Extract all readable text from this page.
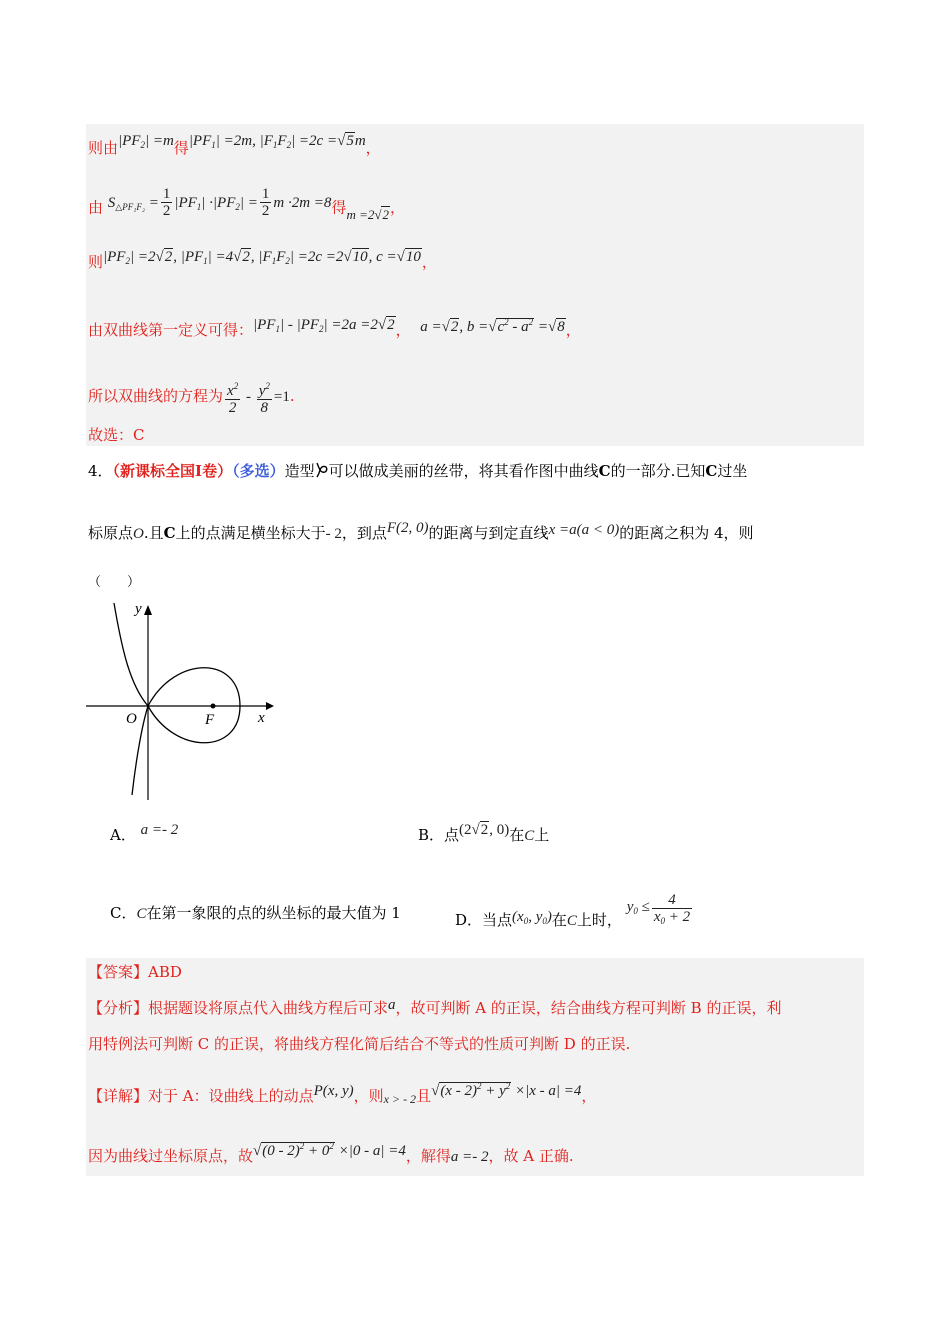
则由$|PF_2| =m$得$|PF_1| =2m$, $|F_1F_2| =2c =√5m$，
由 $S_{\triangle PF_1F_2} = \frac{1}{2} |PF_1| \cdot|PF_2| = \frac{1}{2}$ m ·2m =8得m =2√2，
则$|PF_2| =2√2$, $|PF_1| =4√2$, $|F_1F_2| =2c =2√10$, c =√10，
由双曲线第一定义可得：$|PF_1| - |PF_2| =2a =2√2$， a =√2, $b =√c^2 - a^2 =√8$，
所以双曲线的方程为 $\frac{x^2}{2} - \frac{y^2}{8} =1$.
故选：C
4．（新课标全国Ⅰ卷）（多选）造型 可以做成美丽的丝带，将其看作图中曲线C的一部分.已知C过坐
标原点O.且C上的点满足横坐标大于- 2，到点F(2, 0)的距离与到定直线x =a(a < 0)的距离之积为 4，则
（　　）
y
x
O	F
A． a =- 2	B．点(2√2, 0)在C上
C．C在第一象限的点的纵坐标的最大值为 1	D．当点($x_0$, $y_0$)在C上时， $y_0 \le \frac{4}{x_0 + 2}$
【答案】ABD
【分析】根据题设将原点代入曲线方程后可求a，故可判断 A 的正误，结合曲线方程可判断 B 的正误，利
用特例法可判断 C 的正误，将曲线方程化简后结合不等式的性质可判断 D 的正误.
【详解】对于 A：设曲线上的动点P(x, y)，则x > - 2且$√(x - 2)^2 + y^2 \times|x - a| =4$，
因为曲线过坐标原点，故$√(0 - 2)^2 + 0^2 \times|0 - a| =4$，解得a =- 2，故 A 正确.
